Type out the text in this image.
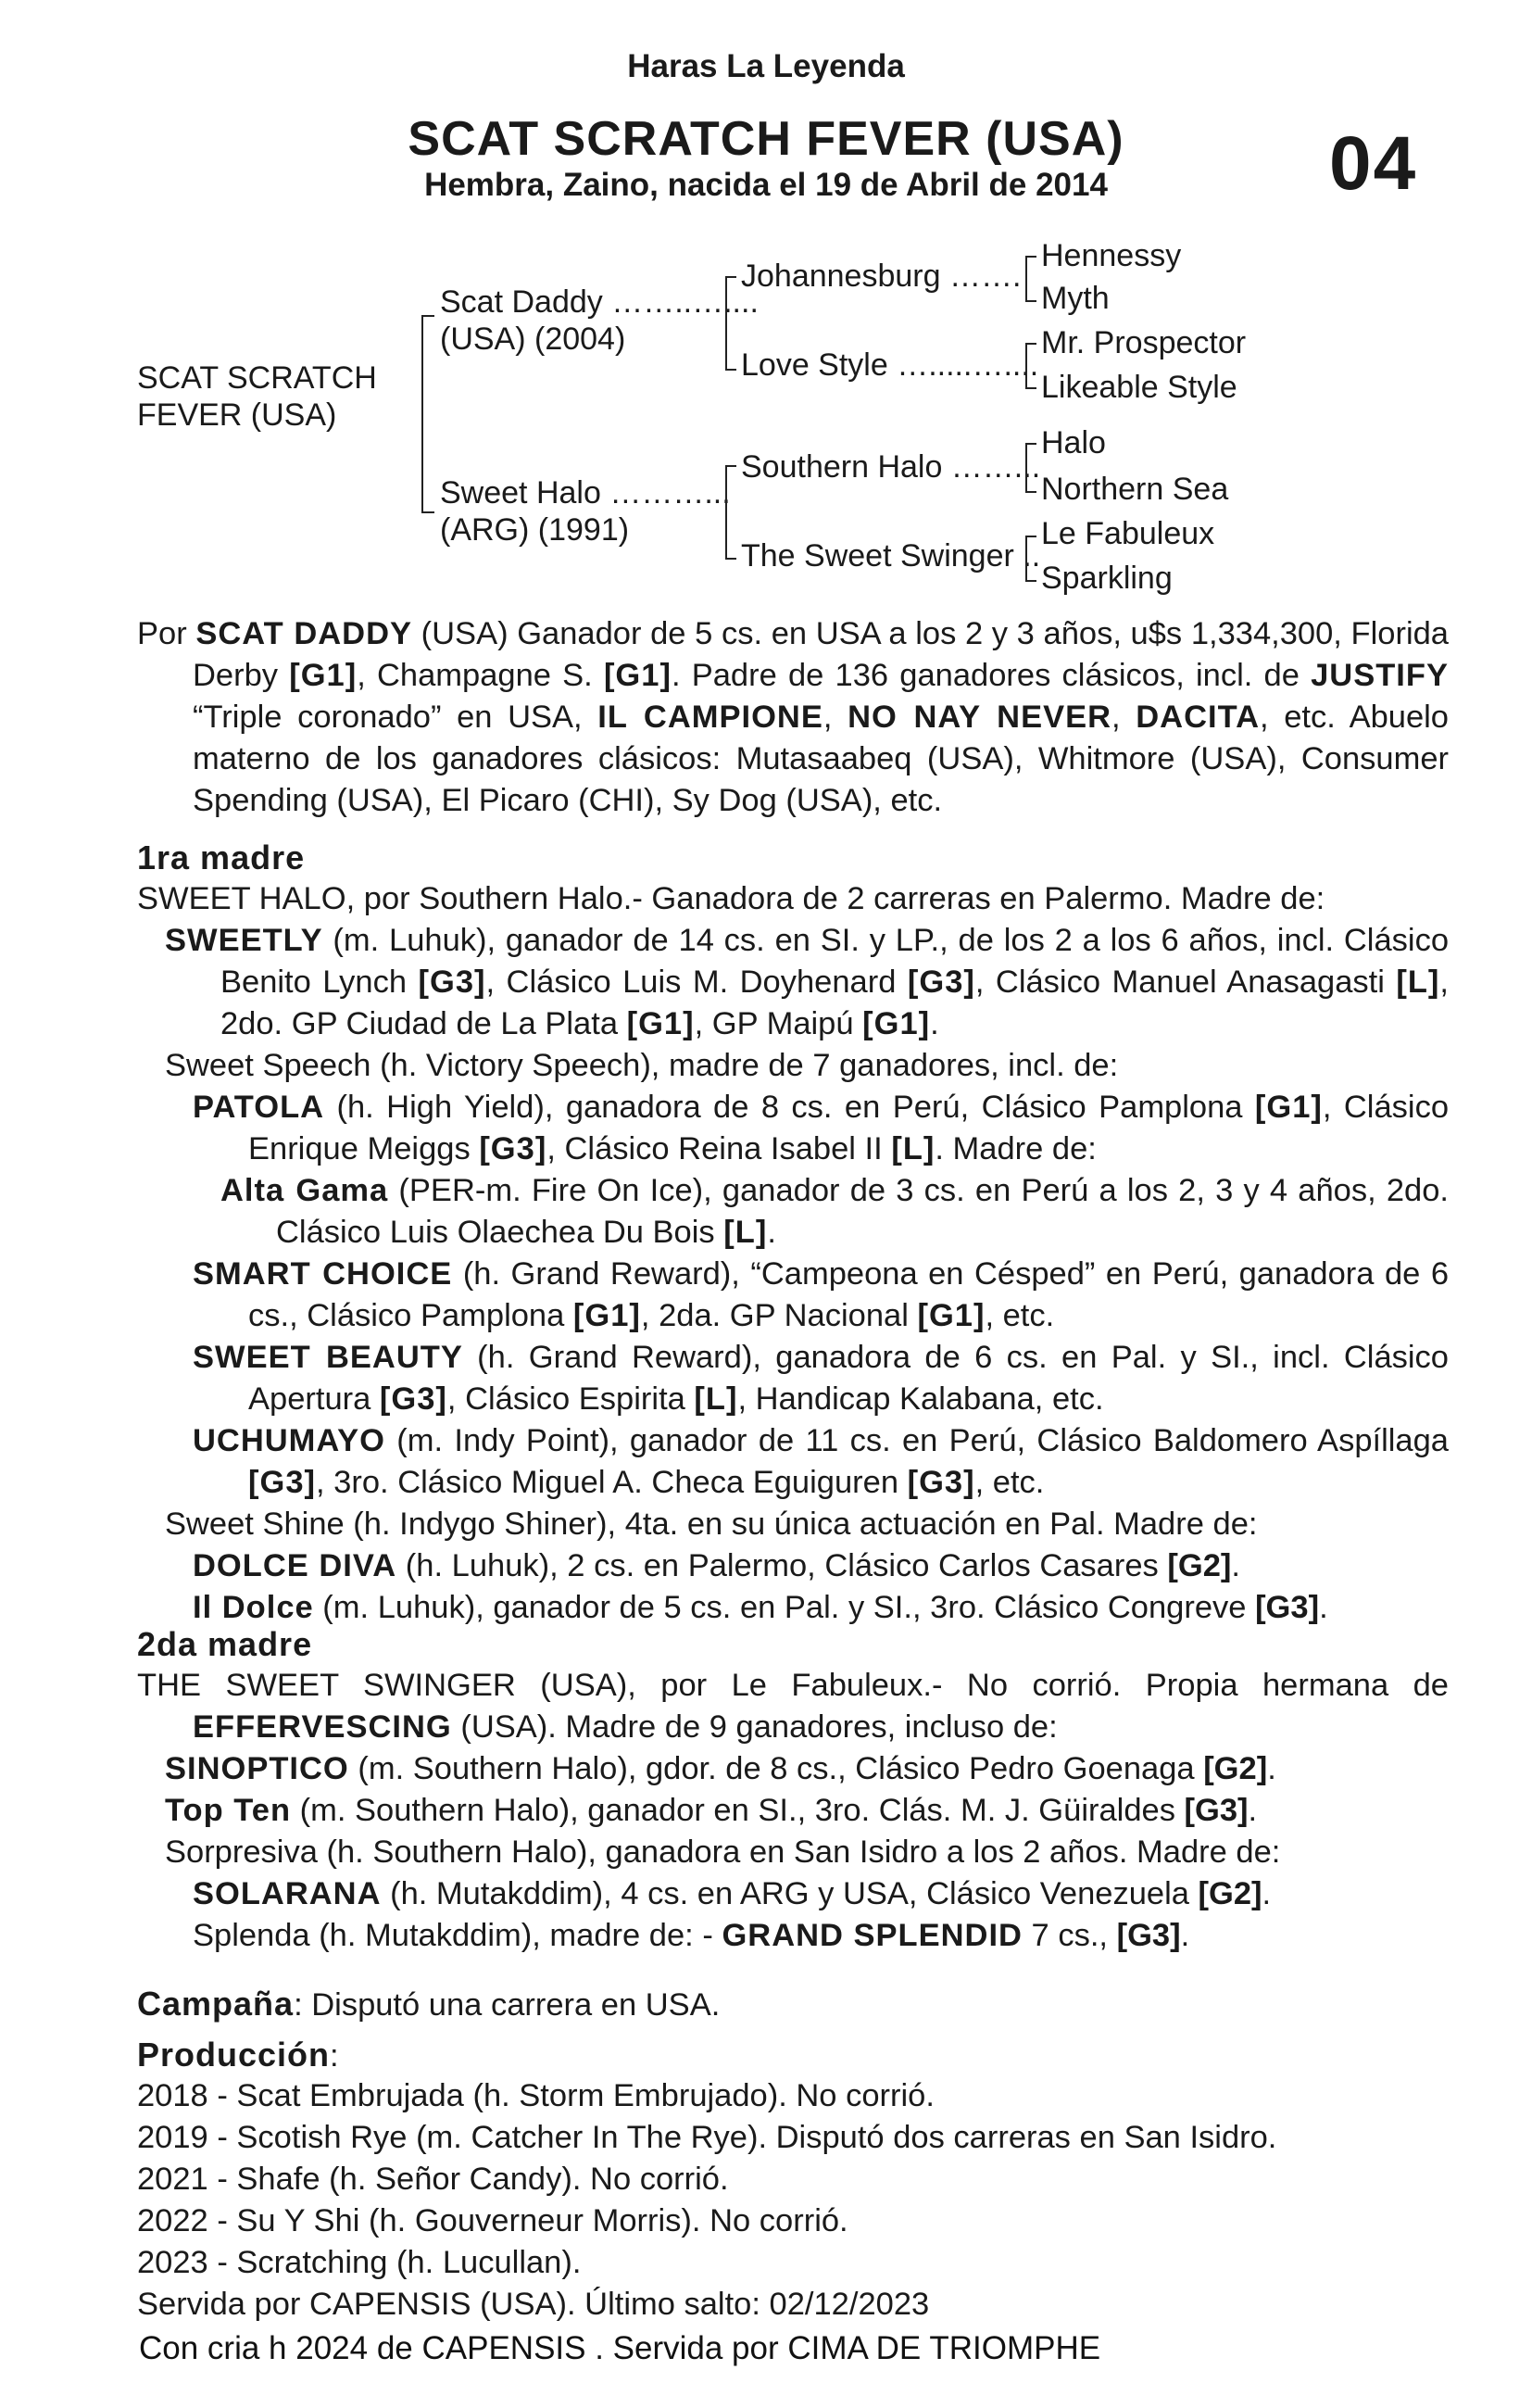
Haras La Leyenda
SCAT SCRATCH FEVER (USA)
Hembra, Zaino, nacida el 19 de Abril de 2014	04
SCAT SCRATCH
FEVER (USA)
Scat Daddy ……..…....
(USA) (2004)
Sweet Halo ………...
(ARG) (1991)
Johannesburg …….
Love Style ….....…....
Southern Halo ……...
The Sweet Swinger ..
Hennessy
Myth
Mr. Prospector
Likeable Style
Halo
Northern Sea
Le Fabuleux
Sparkling
Por SCAT DADDY (USA) Ganador de 5 cs. en USA a los 2 y 3 años, u$s 1,334,300, Florida Derby [G1], Champagne S. [G1]. Padre de 136 ganadores clásicos, incl. de JUSTIFY “Triple coronado” en USA, IL CAMPIONE, NO NAY NEVER, DACITA, etc. Abuelo materno de los ganadores clásicos: Mutasaabeq (USA), Whitmore (USA), Consumer Spending (USA), El Picaro (CHI), Sy Dog (USA), etc.
1ra madre
SWEET HALO, por Southern Halo.- Ganadora de 2 carreras en Palermo. Madre de:
SWEETLY (m. Luhuk), ganador de 14 cs. en SI. y LP., de los 2 a los 6 años, incl. Clásico Benito Lynch [G3], Clásico Luis M. Doyhenard [G3], Clásico Manuel Anasagasti [L], 2do. GP Ciudad de La Plata [G1], GP Maipú [G1].
Sweet Speech (h. Victory Speech), madre de 7 ganadores, incl. de:
PATOLA (h. High Yield), ganadora de 8 cs. en Perú, Clásico Pamplona [G1], Clásico Enrique Meiggs [G3], Clásico Reina Isabel II [L]. Madre de:
Alta Gama (PER-m. Fire On Ice), ganador de 3 cs. en Perú a los 2, 3 y 4 años, 2do. Clásico Luis Olaechea Du Bois [L].
SMART CHOICE (h. Grand Reward), “Campeona en Césped” en Perú, ganadora de 6 cs., Clásico Pamplona [G1], 2da. GP Nacional [G1], etc.
SWEET BEAUTY (h. Grand Reward), ganadora de 6 cs. en Pal. y SI., incl. Clásico Apertura [G3], Clásico Espirita [L], Handicap Kalabana, etc.
UCHUMAYO (m. Indy Point), ganador de 11 cs. en Perú, Clásico Baldomero Aspíllaga [G3], 3ro. Clásico Miguel A. Checa Eguiguren [G3], etc.
Sweet Shine (h. Indygo Shiner), 4ta. en su única actuación en Pal. Madre de:
DOLCE DIVA (h. Luhuk), 2 cs. en Palermo, Clásico Carlos Casares [G2].
Il Dolce (m. Luhuk), ganador de 5 cs. en Pal. y SI., 3ro. Clásico Congreve [G3].
2da madre
THE SWEET SWINGER (USA), por Le Fabuleux.- No corrió. Propia hermana de EFFERVESCING (USA). Madre de 9 ganadores, incluso de:
SINOPTICO (m. Southern Halo), gdor. de 8 cs., Clásico Pedro Goenaga [G2].
Top Ten (m. Southern Halo), ganador en SI., 3ro. Clás. M. J. Güiraldes [G3].
Sorpresiva (h. Southern Halo), ganadora en San Isidro a los 2 años. Madre de:
SOLARANA (h. Mutakddim), 4 cs. en ARG y USA, Clásico Venezuela [G2].
Splenda (h. Mutakddim), madre de: - GRAND SPLENDID 7 cs., [G3].
Campaña: Disputó una carrera en USA.
Producción:
2018 - Scat Embrujada (h. Storm Embrujado). No corrió.
2019 - Scotish Rye (m. Catcher In The Rye). Disputó dos carreras en San Isidro.
2021 - Shafe (h. Señor Candy). No corrió.
2022 - Su Y Shi (h. Gouverneur Morris). No corrió.
2023 - Scratching (h. Lucullan).
Servida por CAPENSIS (USA). Último salto: 02/12/2023
Con cria h 2024 de CAPENSIS . Servida por CIMA DE TRIOMPHE
